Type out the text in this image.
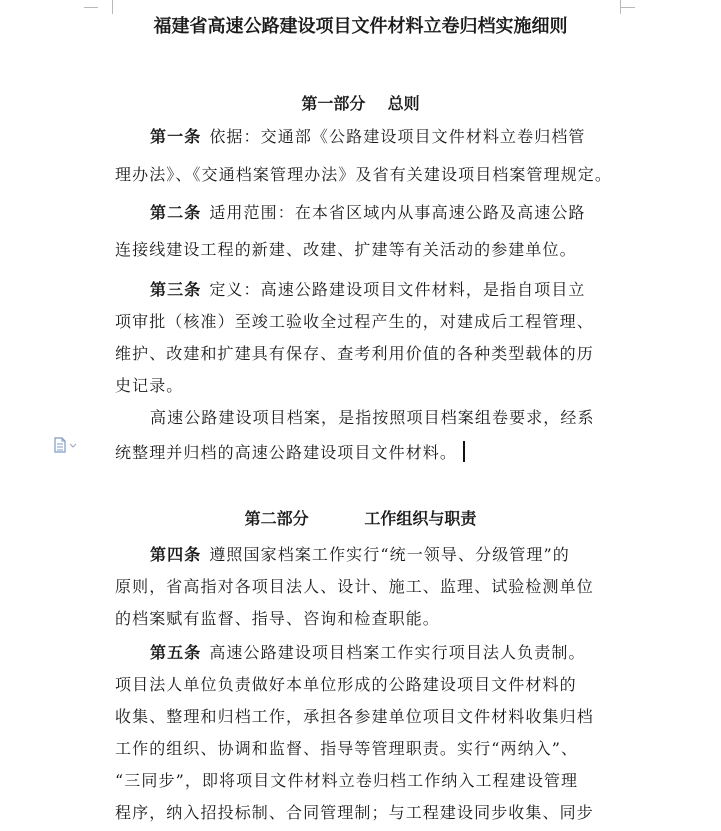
福建省高速公路建设项目文件材料立卷归档实施细则
第一部分    总则
第一条 依据：交通部《公路建设项目文件材料立卷归档管
理办法》、《交通档案管理办法》及省有关建设项目档案管理规定。
第二条 适用范围：在本省区域内从事高速公路及高速公路
连接线建设工程的新建、改建、扩建等有关活动的参建单位。
第三条 定义：高速公路建设项目文件材料，是指自项目立
项审批（核准）至竣工验收全过程产生的，对建成后工程管理、
维护、改建和扩建具有保存、查考利用价值的各种类型载体的历
史记录。
高速公路建设项目档案，是指按照项目档案组卷要求，经系
统整理并归档的高速公路建设项目文件材料。
第二部分          工作组织与职责
第四条 遵照国家档案工作实行“统一领导、分级管理”的
原则，省高指对各项目法人、设计、施工、监理、试验检测单位
的档案赋有监督、指导、咨询和检查职能。
第五条 高速公路建设项目档案工作实行项目法人负责制。
项目法人单位负责做好本单位形成的公路建设项目文件材料的
收集、整理和归档工作，承担各参建单位项目文件材料收集归档
工作的组织、协调和监督、指导等管理职责。实行“两纳入”、
“三同步”，即将项目文件材料立卷归档工作纳入工程建设管理
程序，纳入招投标制、合同管理制；与工程建设同步收集、同步
